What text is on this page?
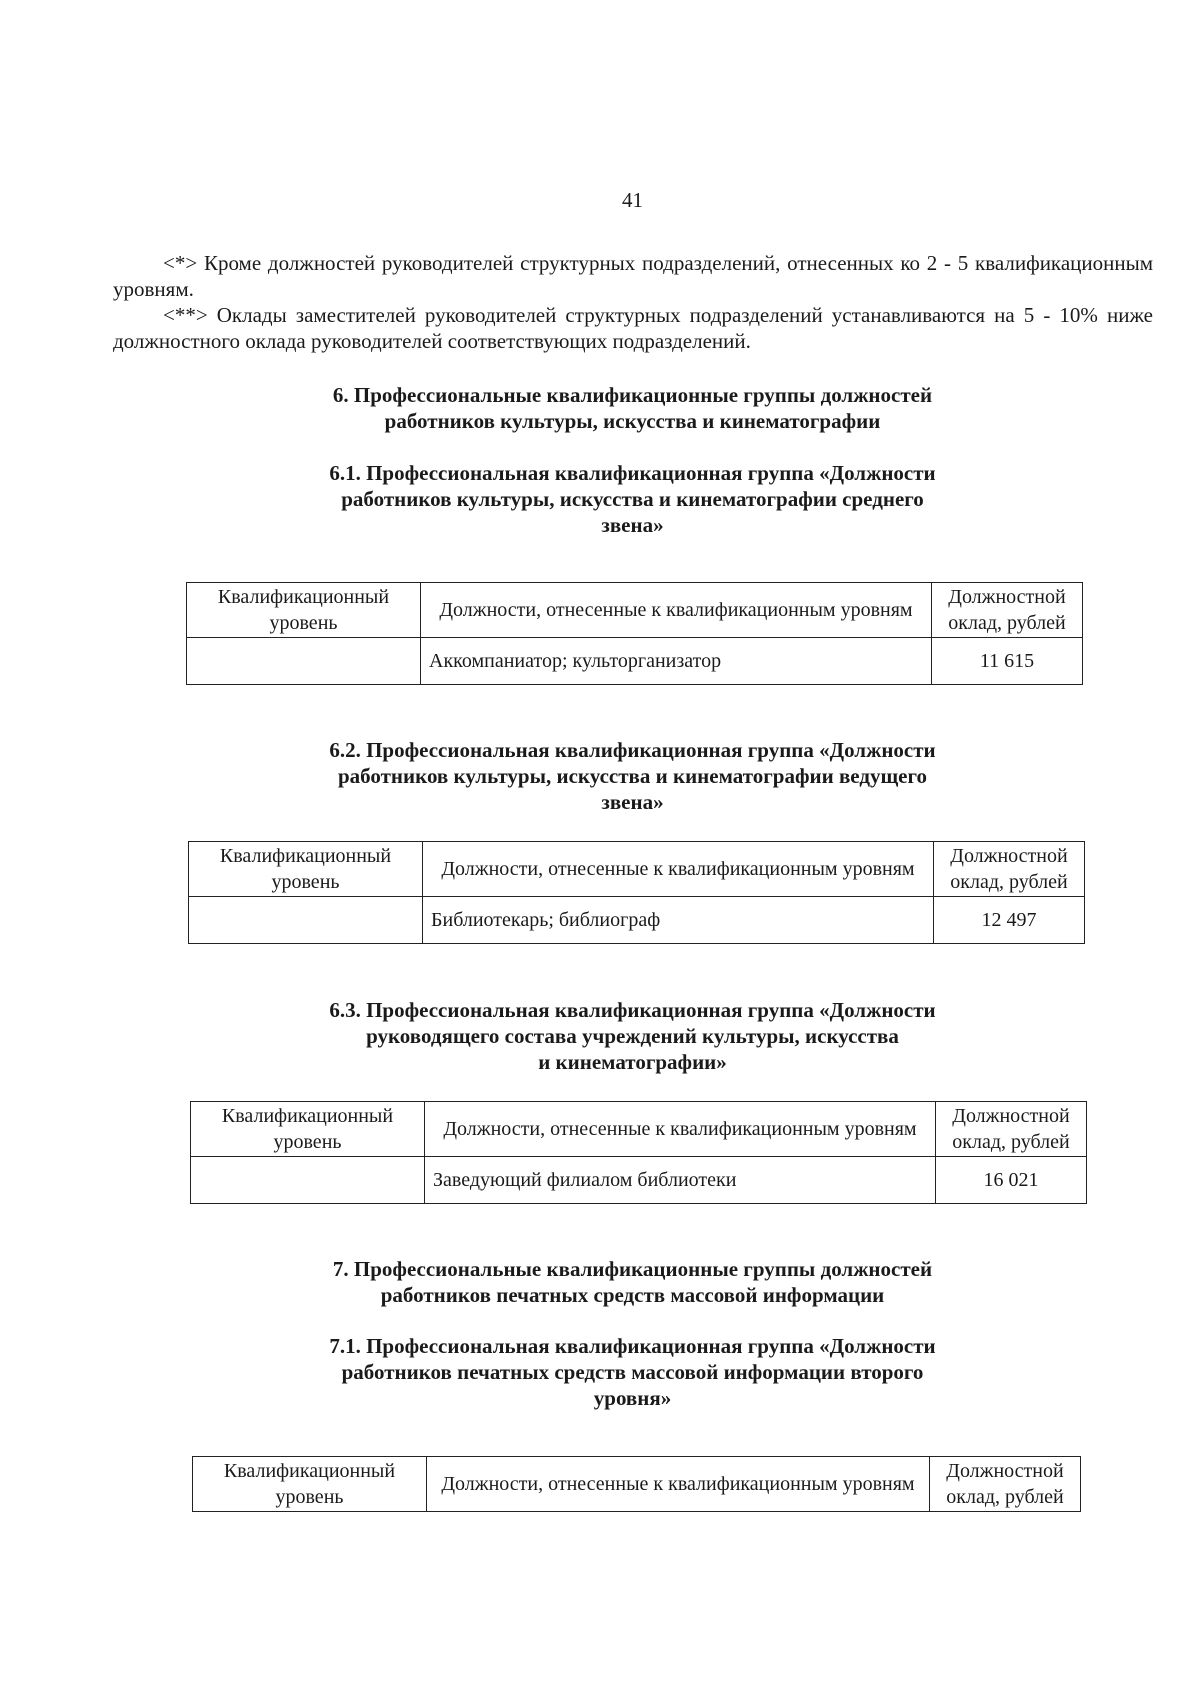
41

<*> Кроме должностей руководителей структурных подразделений, отнесенных ко 2 - 5 квалификационным уровням.

<**> Оклады заместителей руководителей структурных подразделений устанавливаются на 5 - 10% ниже должностного оклада руководителей соответствующих подразделений.

6. Профессиональные квалификационные группы должностей
работников культуры, искусства и кинематографии
6.1. Профессиональная квалификационная группа «Должности
работников культуры, искусства и кинематографии среднего
звена»
Квалификационный уровень	Должности, отнесенные к квалификационным уровням	Должностной оклад, рублей
	Аккомпаниатор; культорганизатор	11 615
6.2. Профессиональная квалификационная группа «Должности
работников культуры, искусства и кинематографии ведущего
звена»
Квалификационный уровень	Должности, отнесенные к квалификационным уровням	Должностной оклад, рублей
	Библиотекарь; библиограф	12 497
6.3. Профессиональная квалификационная группа «Должности
руководящего состава учреждений культуры, искусства
и кинематографии»
Квалификационный уровень	Должности, отнесенные к квалификационным уровням	Должностной оклад, рублей
	Заведующий филиалом библиотеки	16 021
7. Профессиональные квалификационные группы должностей
работников печатных средств массовой информации
7.1. Профессиональная квалификационная группа «Должности
работников печатных средств массовой информации второго
уровня»
Квалификационный уровень	Должности, отнесенные к квалификационным уровням	Должностной оклад, рублей
